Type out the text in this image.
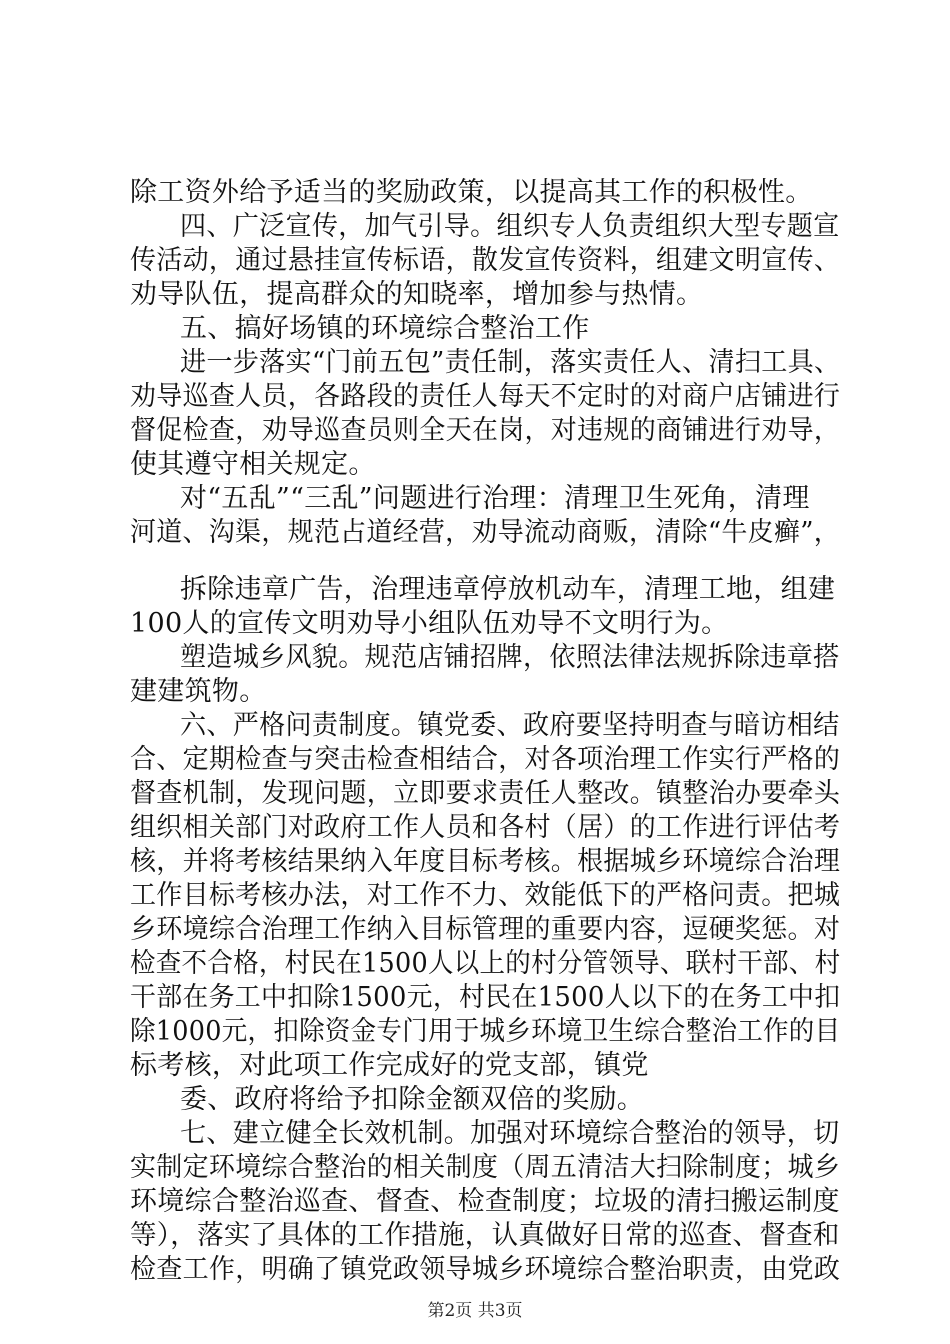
除工资外给予适当的奖励政策，以提高其工作的积极性。
四、广泛宣传，加气引导。组织专人负责组织大型专题宣
传活动，通过悬挂宣传标语，散发宣传资料，组建文明宣传、
劝导队伍，提高群众的知晓率，增加参与热情。
五、搞好场镇的环境综合整治工作
进一步落实“门前五包”责任制，落实责任人、清扫工具、
劝导巡查人员，各路段的责任人每天不定时的对商户店铺进行
督促检查，劝导巡查员则全天在岗，对违规的商铺进行劝导，
使其遵守相关规定。
对“五乱”“三乱”问题进行治理：清理卫生死角，清理
河道、沟渠，规范占道经营，劝导流动商贩，清除“牛皮癣”，
拆除违章广告，治理违章停放机动车，清理工地，组建
100人的宣传文明劝导小组队伍劝导不文明行为。
塑造城乡风貌。规范店铺招牌，依照法律法规拆除违章搭
建建筑物。
六、严格问责制度。镇党委、政府要坚持明查与暗访相结
合、定期检查与突击检查相结合，对各项治理工作实行严格的
督查机制，发现问题，立即要求责任人整改。镇整治办要牵头
组织相关部门对政府工作人员和各村（居）的工作进行评估考
核，并将考核结果纳入年度目标考核。根据城乡环境综合治理
工作目标考核办法，对工作不力、效能低下的严格问责。把城
乡环境综合治理工作纳入目标管理的重要内容，逗硬奖惩。对
检查不合格，村民在1500人以上的村分管领导、联村干部、村
干部在务工中扣除1500元，村民在1500人以下的在务工中扣
除1000元，扣除资金专门用于城乡环境卫生综合整治工作的目
标考核，对此项工作完成好的党支部，镇党
委、政府将给予扣除金额双倍的奖励。
七、建立健全长效机制。加强对环境综合整治的领导，切
实制定环境综合整治的相关制度（周五清洁大扫除制度；城乡
环境综合整治巡查、督查、检查制度；垃圾的清扫搬运制度
等），落实了具体的工作措施，认真做好日常的巡查、督查和
检查工作，明确了镇党政领导城乡环境综合整治职责，由党政
第2页 共3页
